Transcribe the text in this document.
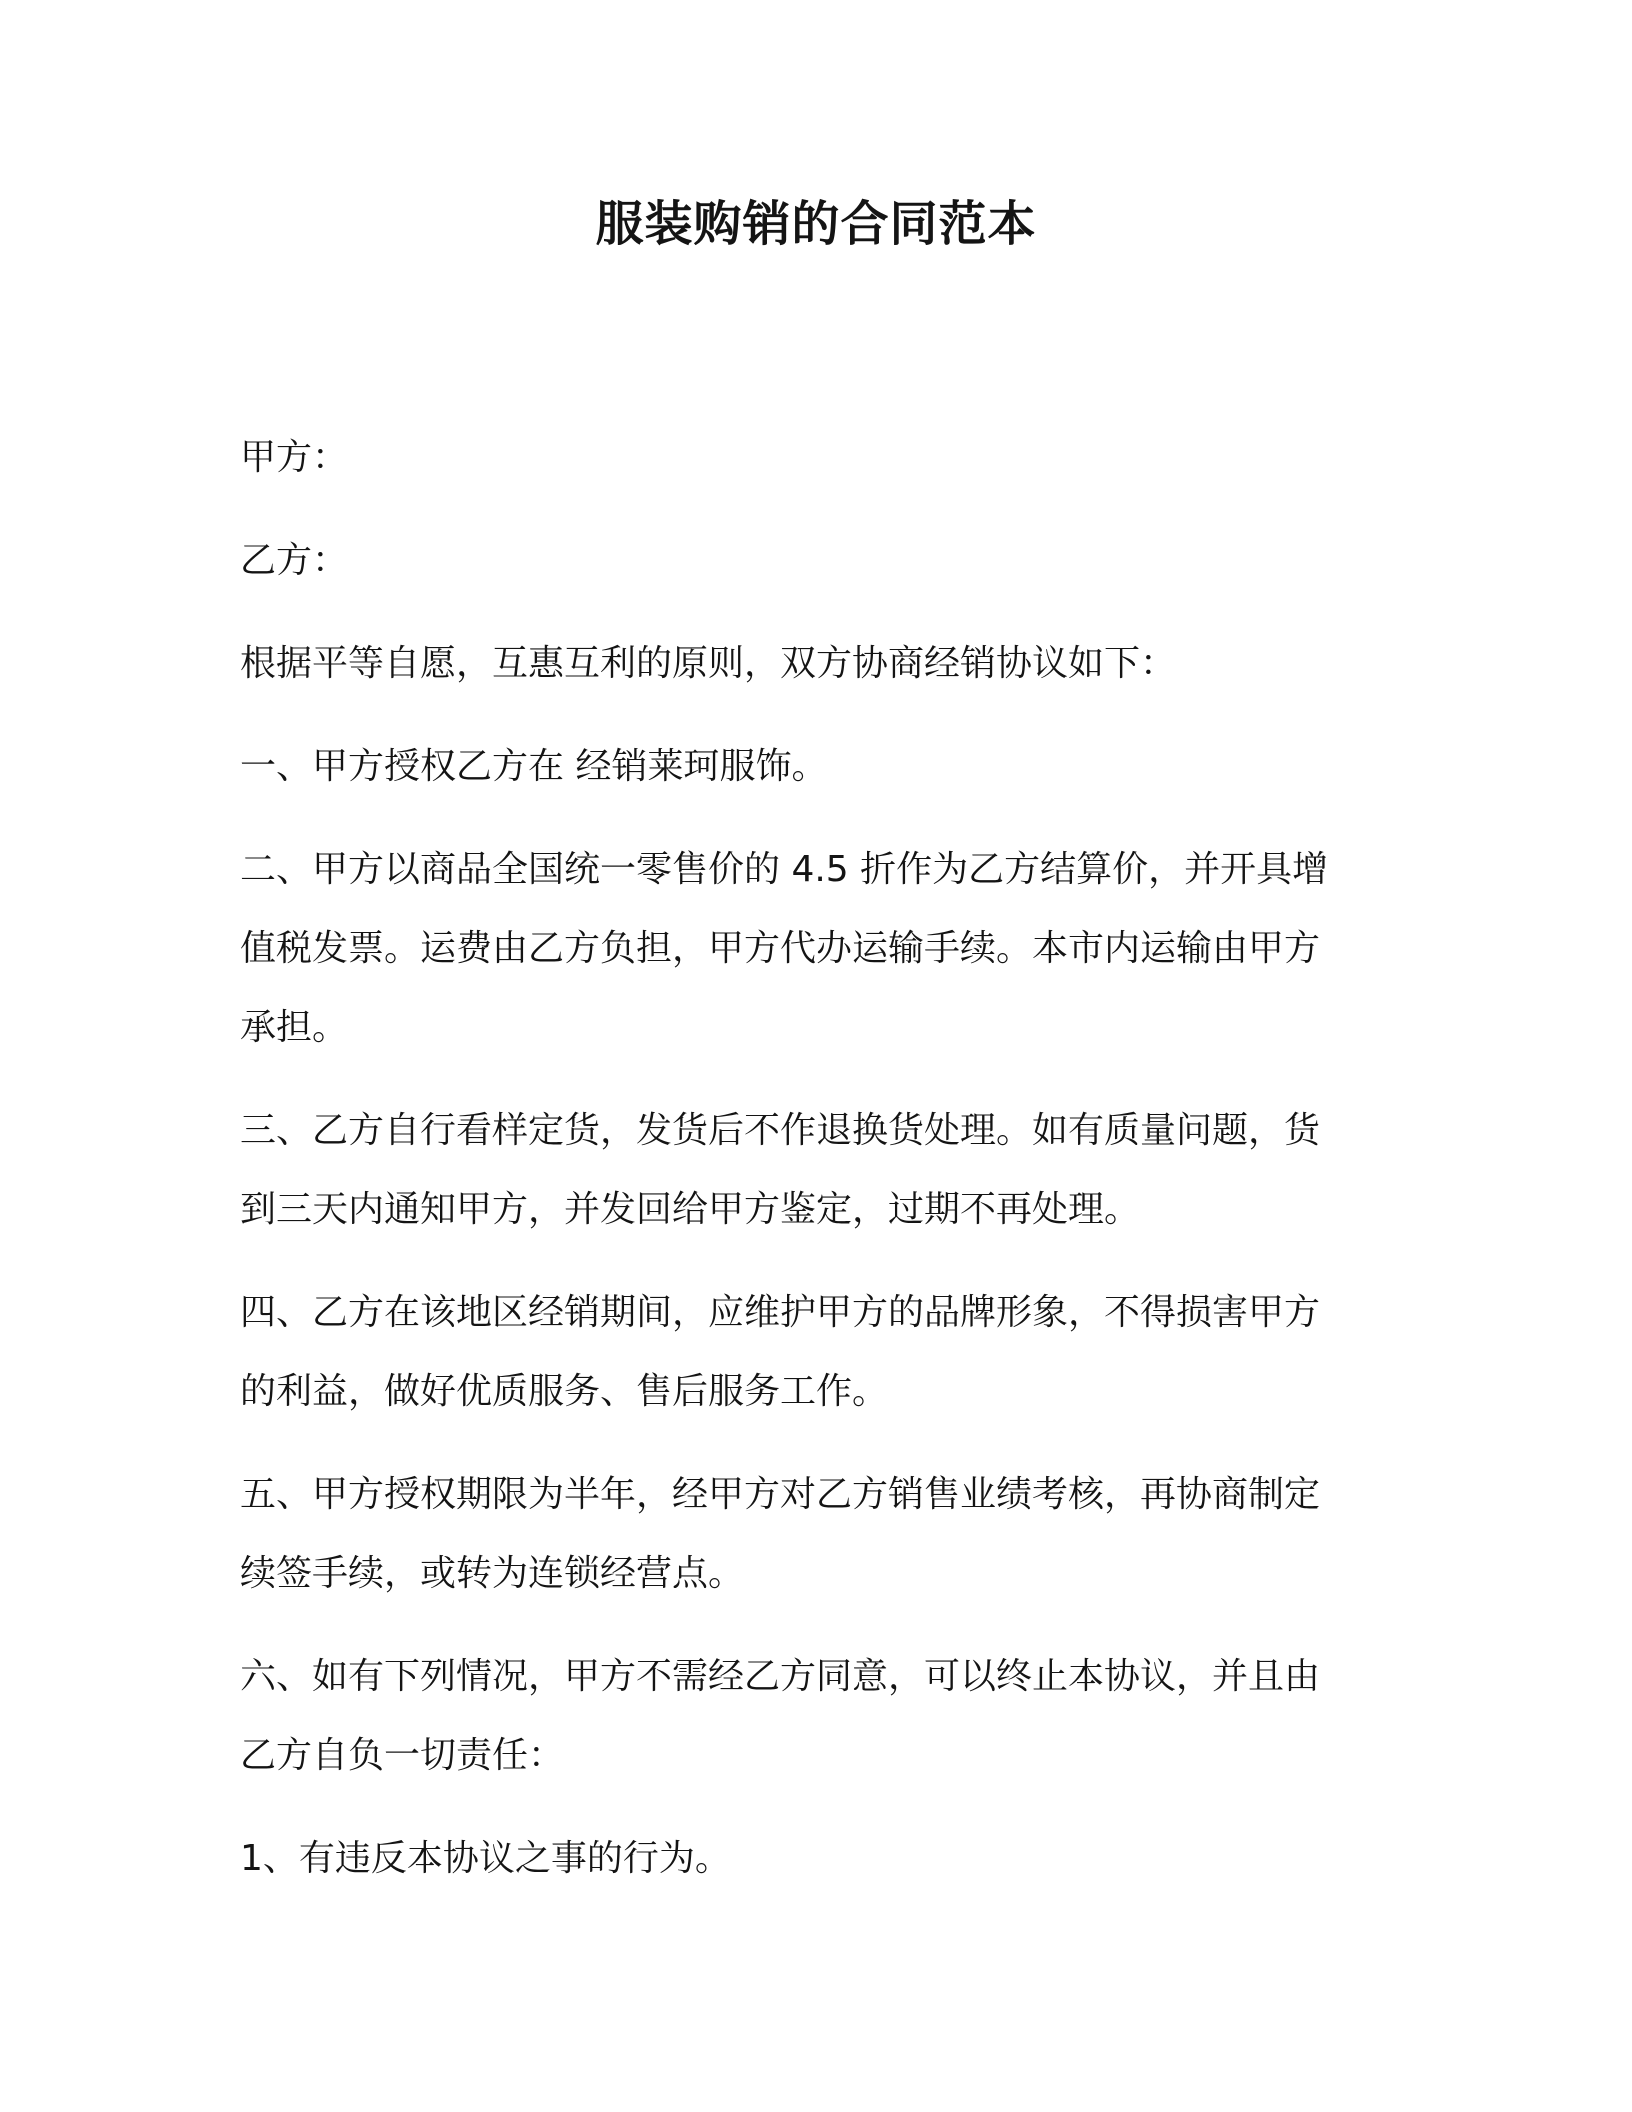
服装购销的合同范本

甲方：

乙方：

根据平等自愿，互惠互利的原则，双方协商经销协议如下：

一、甲方授权乙方在 经销莱珂服饰。

二、甲方以商品全国统一零售价的 4.5 折作为乙方结算价，并开具增
值税发票。运费由乙方负担，甲方代办运输手续。本市内运输由甲方
承担。

三、乙方自行看样定货，发货后不作退换货处理。如有质量问题，货
到三天内通知甲方，并发回给甲方鉴定，过期不再处理。

四、乙方在该地区经销期间，应维护甲方的品牌形象，不得损害甲方
的利益，做好优质服务、售后服务工作。

五、甲方授权期限为半年，经甲方对乙方销售业绩考核，再协商制定
续签手续，或转为连锁经营点。

六、如有下列情况，甲方不需经乙方同意，可以终止本协议，并且由
乙方自负一切责任：

1、有违反本协议之事的行为。
